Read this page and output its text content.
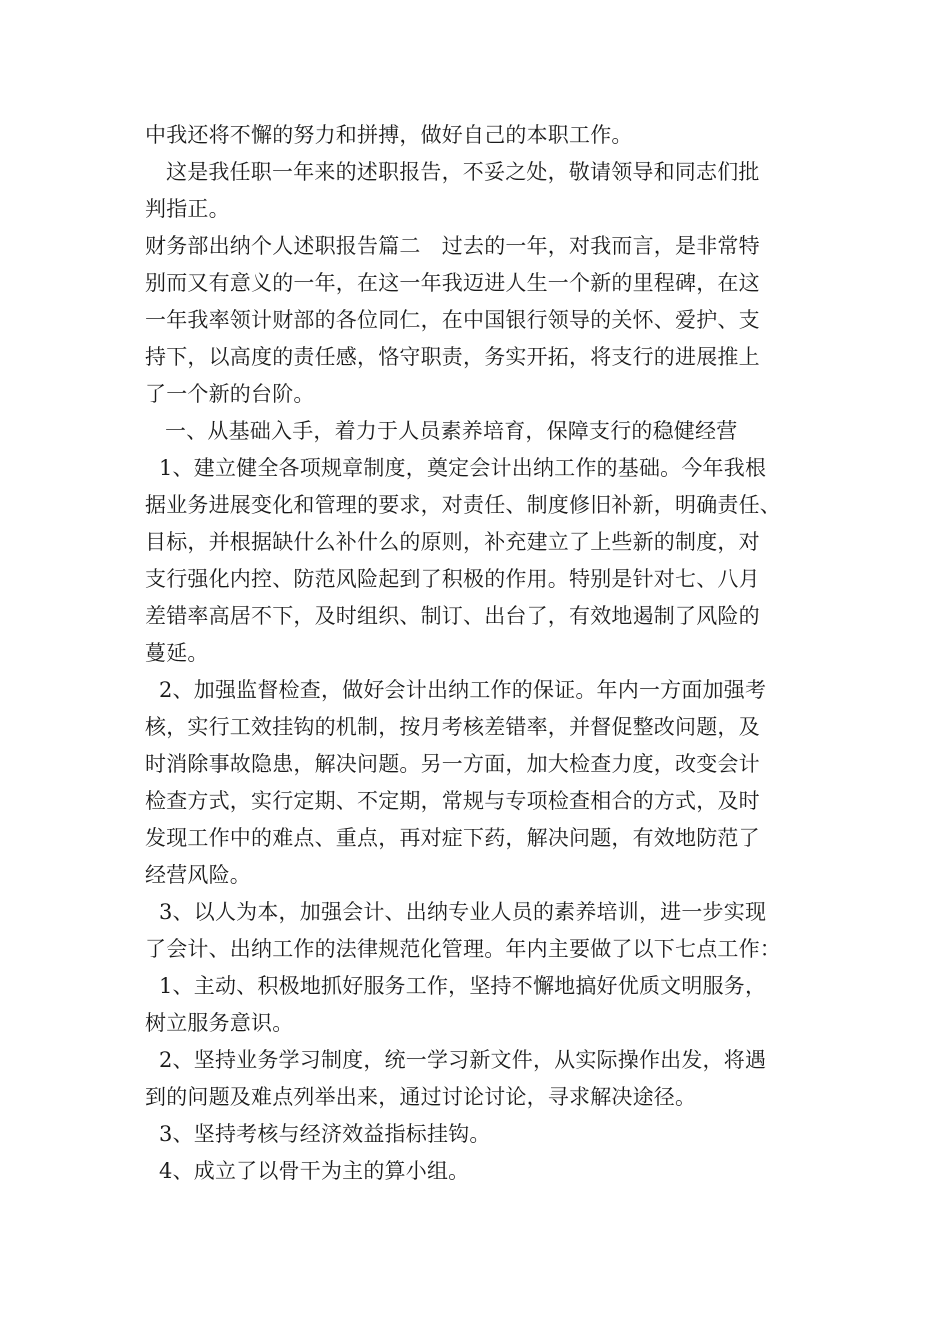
中我还将不懈的努力和拼搏，做好自己的本职工作。
这是我任职一年来的述职报告，不妥之处，敬请领导和同志们批
判指正。
财务部出纳个人述职报告篇二　过去的一年，对我而言，是非常特
别而又有意义的一年，在这一年我迈进人生一个新的里程碑，在这
一年我率领计财部的各位同仁，在中国银行领导的关怀、爱护、支
持下，以高度的责任感，恪守职责，务实开拓，将支行的进展推上
了一个新的台阶。
一、从基础入手，着力于人员素养培育，保障支行的稳健经营
1、建立健全各项规章制度，奠定会计出纳工作的基础。今年我根
据业务进展变化和管理的要求，对责任、制度修旧补新，明确责任、
目标，并根据缺什么补什么的原则，补充建立了上些新的制度，对
支行强化内控、防范风险起到了积极的作用。特别是针对七、八月
差错率高居不下，及时组织、制订、出台了，有效地遏制了风险的
蔓延。
2、加强监督检查，做好会计出纳工作的保证。年内一方面加强考
核，实行工效挂钩的机制，按月考核差错率，并督促整改问题，及
时消除事故隐患，解决问题。另一方面，加大检查力度，改变会计
检查方式，实行定期、不定期，常规与专项检查相合的方式，及时
发现工作中的难点、重点，再对症下药，解决问题，有效地防范了
经营风险。
3、以人为本，加强会计、出纳专业人员的素养培训，进一步实现
了会计、出纳工作的法律规范化管理。年内主要做了以下七点工作：
1、主动、积极地抓好服务工作，坚持不懈地搞好优质文明服务，
树立服务意识。
2、坚持业务学习制度，统一学习新文件，从实际操作出发，将遇
到的问题及难点列举出来，通过讨论讨论，寻求解决途径。
3、坚持考核与经济效益指标挂钩。
4、成立了以骨干为主的算小组。
